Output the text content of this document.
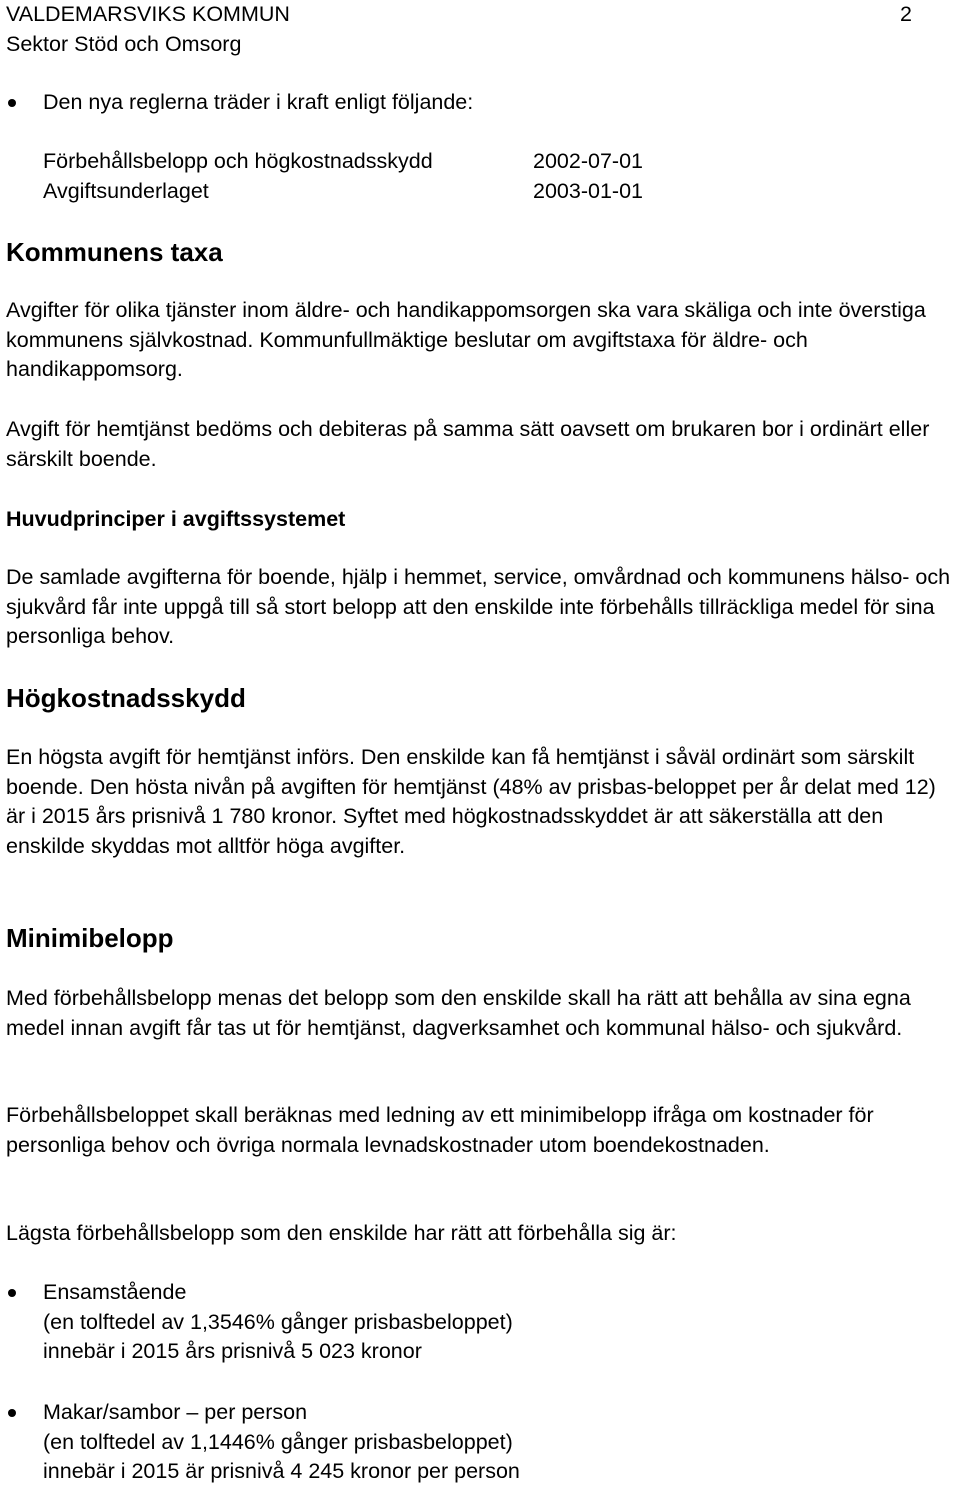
VALDEMARSVIKS KOMMUN	2
Sektor Stöd och Omsorg
Den nya reglerna träder i kraft enligt följande:
Förbehållsbelopp och högkostnadsskydd	2002-07-01
Avgiftsunderlaget	2003-01-01
Kommunens taxa

Avgifter för olika tjänster inom äldre- och handikappomsorgen ska vara skäliga och inte överstiga kommunens självkostnad. Kommunfullmäktige beslutar om avgiftstaxa för äldre- och handikappomsorg.

Avgift för hemtjänst bedöms och debiteras på samma sätt oavsett om brukaren bor i ordinärt eller särskilt boende.

Huvudprinciper i avgiftssystemet

De samlade avgifterna för boende, hjälp i hemmet, service, omvårdnad och kommunens hälso- och sjukvård får inte uppgå till så stort belopp att den enskilde inte förbehålls tillräckliga medel för sina personliga behov.

Högkostnadsskydd

En högsta avgift för hemtjänst införs. Den enskilde kan få hemtjänst i såväl ordinärt som särskilt boende. Den hösta nivån på avgiften för hemtjänst (48% av prisbas-beloppet per år delat med 12) är i 2015 års prisnivå 1 780 kronor. Syftet med högkostnadsskyddet är att säkerställa att den enskilde skyddas mot alltför höga avgifter.

Minimibelopp

Med förbehållsbelopp menas det belopp som den enskilde skall ha rätt att behålla av sina egna medel innan avgift får tas ut för hemtjänst, dagverksamhet och kommunal hälso- och sjukvård.

Förbehållsbeloppet skall beräknas med ledning av ett minimibelopp ifråga om kostnader för personliga behov och övriga normala levnadskostnader utom boendekostnaden.

Lägsta förbehållsbelopp som den enskilde har rätt att förbehålla sig är:

Ensamstående
(en tolftedel av 1,3546% gånger prisbasbeloppet)
innebär i 2015 års prisnivå 5 023 kronor
Makar/sambor – per person
(en tolftedel av 1,1446% gånger prisbasbeloppet)
innebär i 2015 är prisnivå 4 245 kronor per person
